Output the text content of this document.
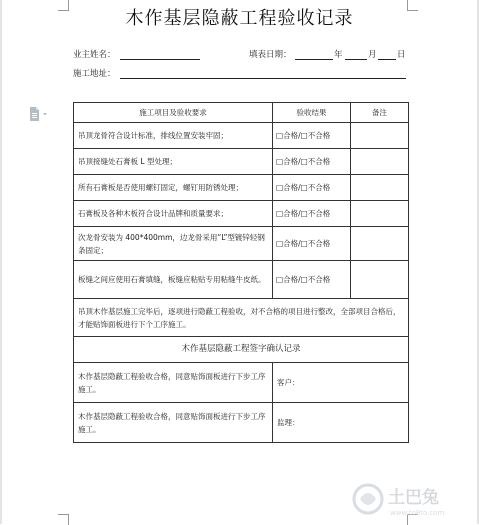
木作基层隐蔽工程验收记录
业主姓名：	填表日期：	年	月 日
施工地址：
施工项目及验收要求	验收结果	备注
吊顶龙骨符合设计标准，排线位置安装牢固；	□合格/□不合格	
吊顶接缝处石膏板 L 型处理；	□合格/□不合格	
所有石膏板是否使用螺钉固定，螺钉用防锈处理；	□合格/□不合格	
石膏板及各种木板符合设计品牌和质量要求；	□合格/□不合格	
次龙骨安装为 400*400mm，边龙骨采用“L”型镀锌轻钢条固定；	□合格/□不合格	
板缝之间应使用石膏填缝，板缝应粘贴专用粘缝牛皮纸。	□合格/□不合格	
吊顶木作基层施工完毕后，逐项进行隐蔽工程验收，对不合格的项目进行整改，全部项目合格后，才能贴饰面板进行下个工序施工。		
木作基层隐蔽工程签字确认记录		
木作基层隐蔽工程验收合格，同意贴饰面板进行下步工序施工。	客户：	
木作基层隐蔽工程验收合格，同意贴饰面板进行下步工序施工。	监理：	
土巴兔
www.to8to.com
